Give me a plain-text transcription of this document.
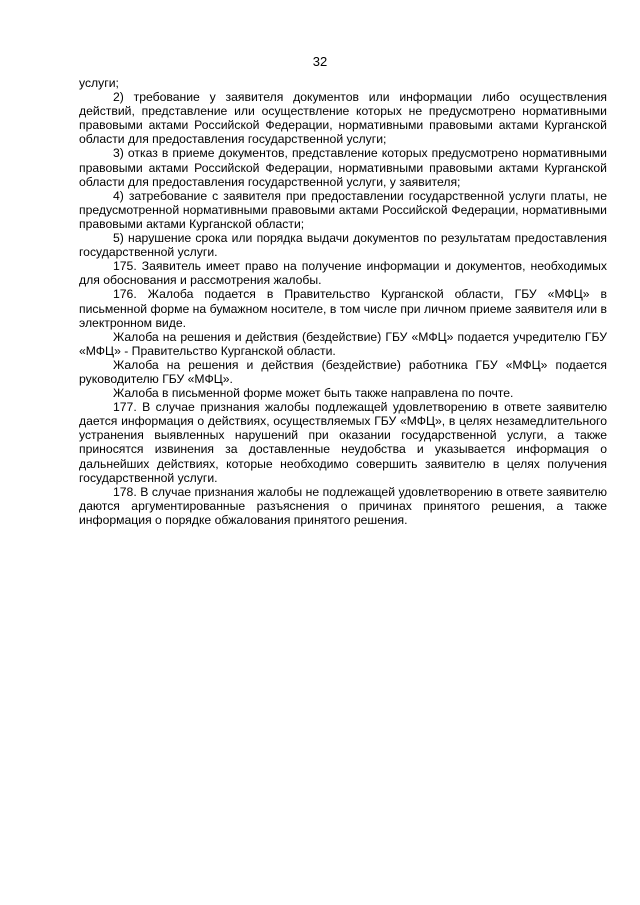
32

услуги;

2) требование у заявителя документов или информации либо осуществления действий, представление или осуществление которых не предусмотрено нормативными правовыми актами Российской Федерации, нормативными правовыми актами Курганской области для предоставления государственной услуги;

3) отказ в приеме документов, представление которых предусмотрено нормативными правовыми актами Российской Федерации, нормативными правовыми актами Курганской области для предоставления государственной услуги, у заявителя;

4) затребование с заявителя при предоставлении государственной услуги платы, не предусмотренной нормативными правовыми актами Российской Федерации, нормативными правовыми актами Курганской области;

5) нарушение срока или порядка выдачи документов по результатам предоставления государственной услуги.

175. Заявитель имеет право на получение информации и документов, необходимых для обоснования и рассмотрения жалобы.

176. Жалоба подается в Правительство Курганской области, ГБУ «МФЦ» в письменной форме на бумажном носителе, в том числе при личном приеме заявителя или в электронном виде.

Жалоба на решения и действия (бездействие) ГБУ «МФЦ» подается учредителю ГБУ «МФЦ» - Правительство Курганской области.

Жалоба на решения и действия (бездействие) работника ГБУ «МФЦ» подается руководителю ГБУ «МФЦ».

Жалоба в письменной форме может быть также направлена по почте.

177. В случае признания жалобы подлежащей удовлетворению в ответе заявителю дается информация о действиях, осуществляемых ГБУ «МФЦ», в целях незамедлительного устранения выявленных нарушений при оказании государственной услуги, а также приносятся извинения за доставленные неудобства и указывается информация о дальнейших действиях, которые необходимо совершить заявителю в целях получения государственной услуги.

178. В случае признания жалобы не подлежащей удовлетворению в ответе заявителю даются аргументированные разъяснения о причинах принятого решения, а также информация о порядке обжалования принятого решения.
